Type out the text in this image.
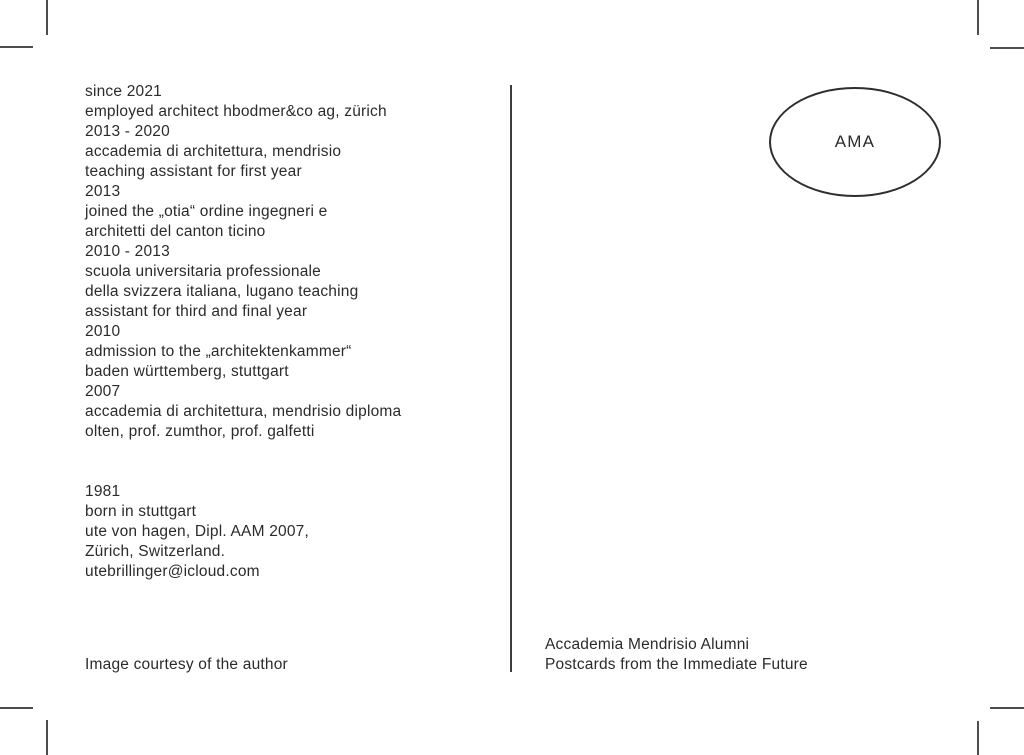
since 2021
employed architect hbodmer&co ag, zürich
2013 - 2020
accademia di architettura, mendrisio
teaching assistant for first year
2013
joined the „otia“ ordine ingegneri e
architetti del canton ticino
2010 - 2013
scuola universitaria professionale
della svizzera italiana, lugano teaching
assistant for third and final year
2010
admission to the „architektenkammer“
baden württemberg, stuttgart
2007
accademia di architettura, mendrisio diploma
olten, prof. zumthor, prof. galfetti
1981
born in stuttgart
ute von hagen, Dipl. AAM 2007,
Zürich, Switzerland.
utebrillinger@icloud.com
Image courtesy of the author
AMA
Accademia Mendrisio Alumni
Postcards from the Immediate Future
